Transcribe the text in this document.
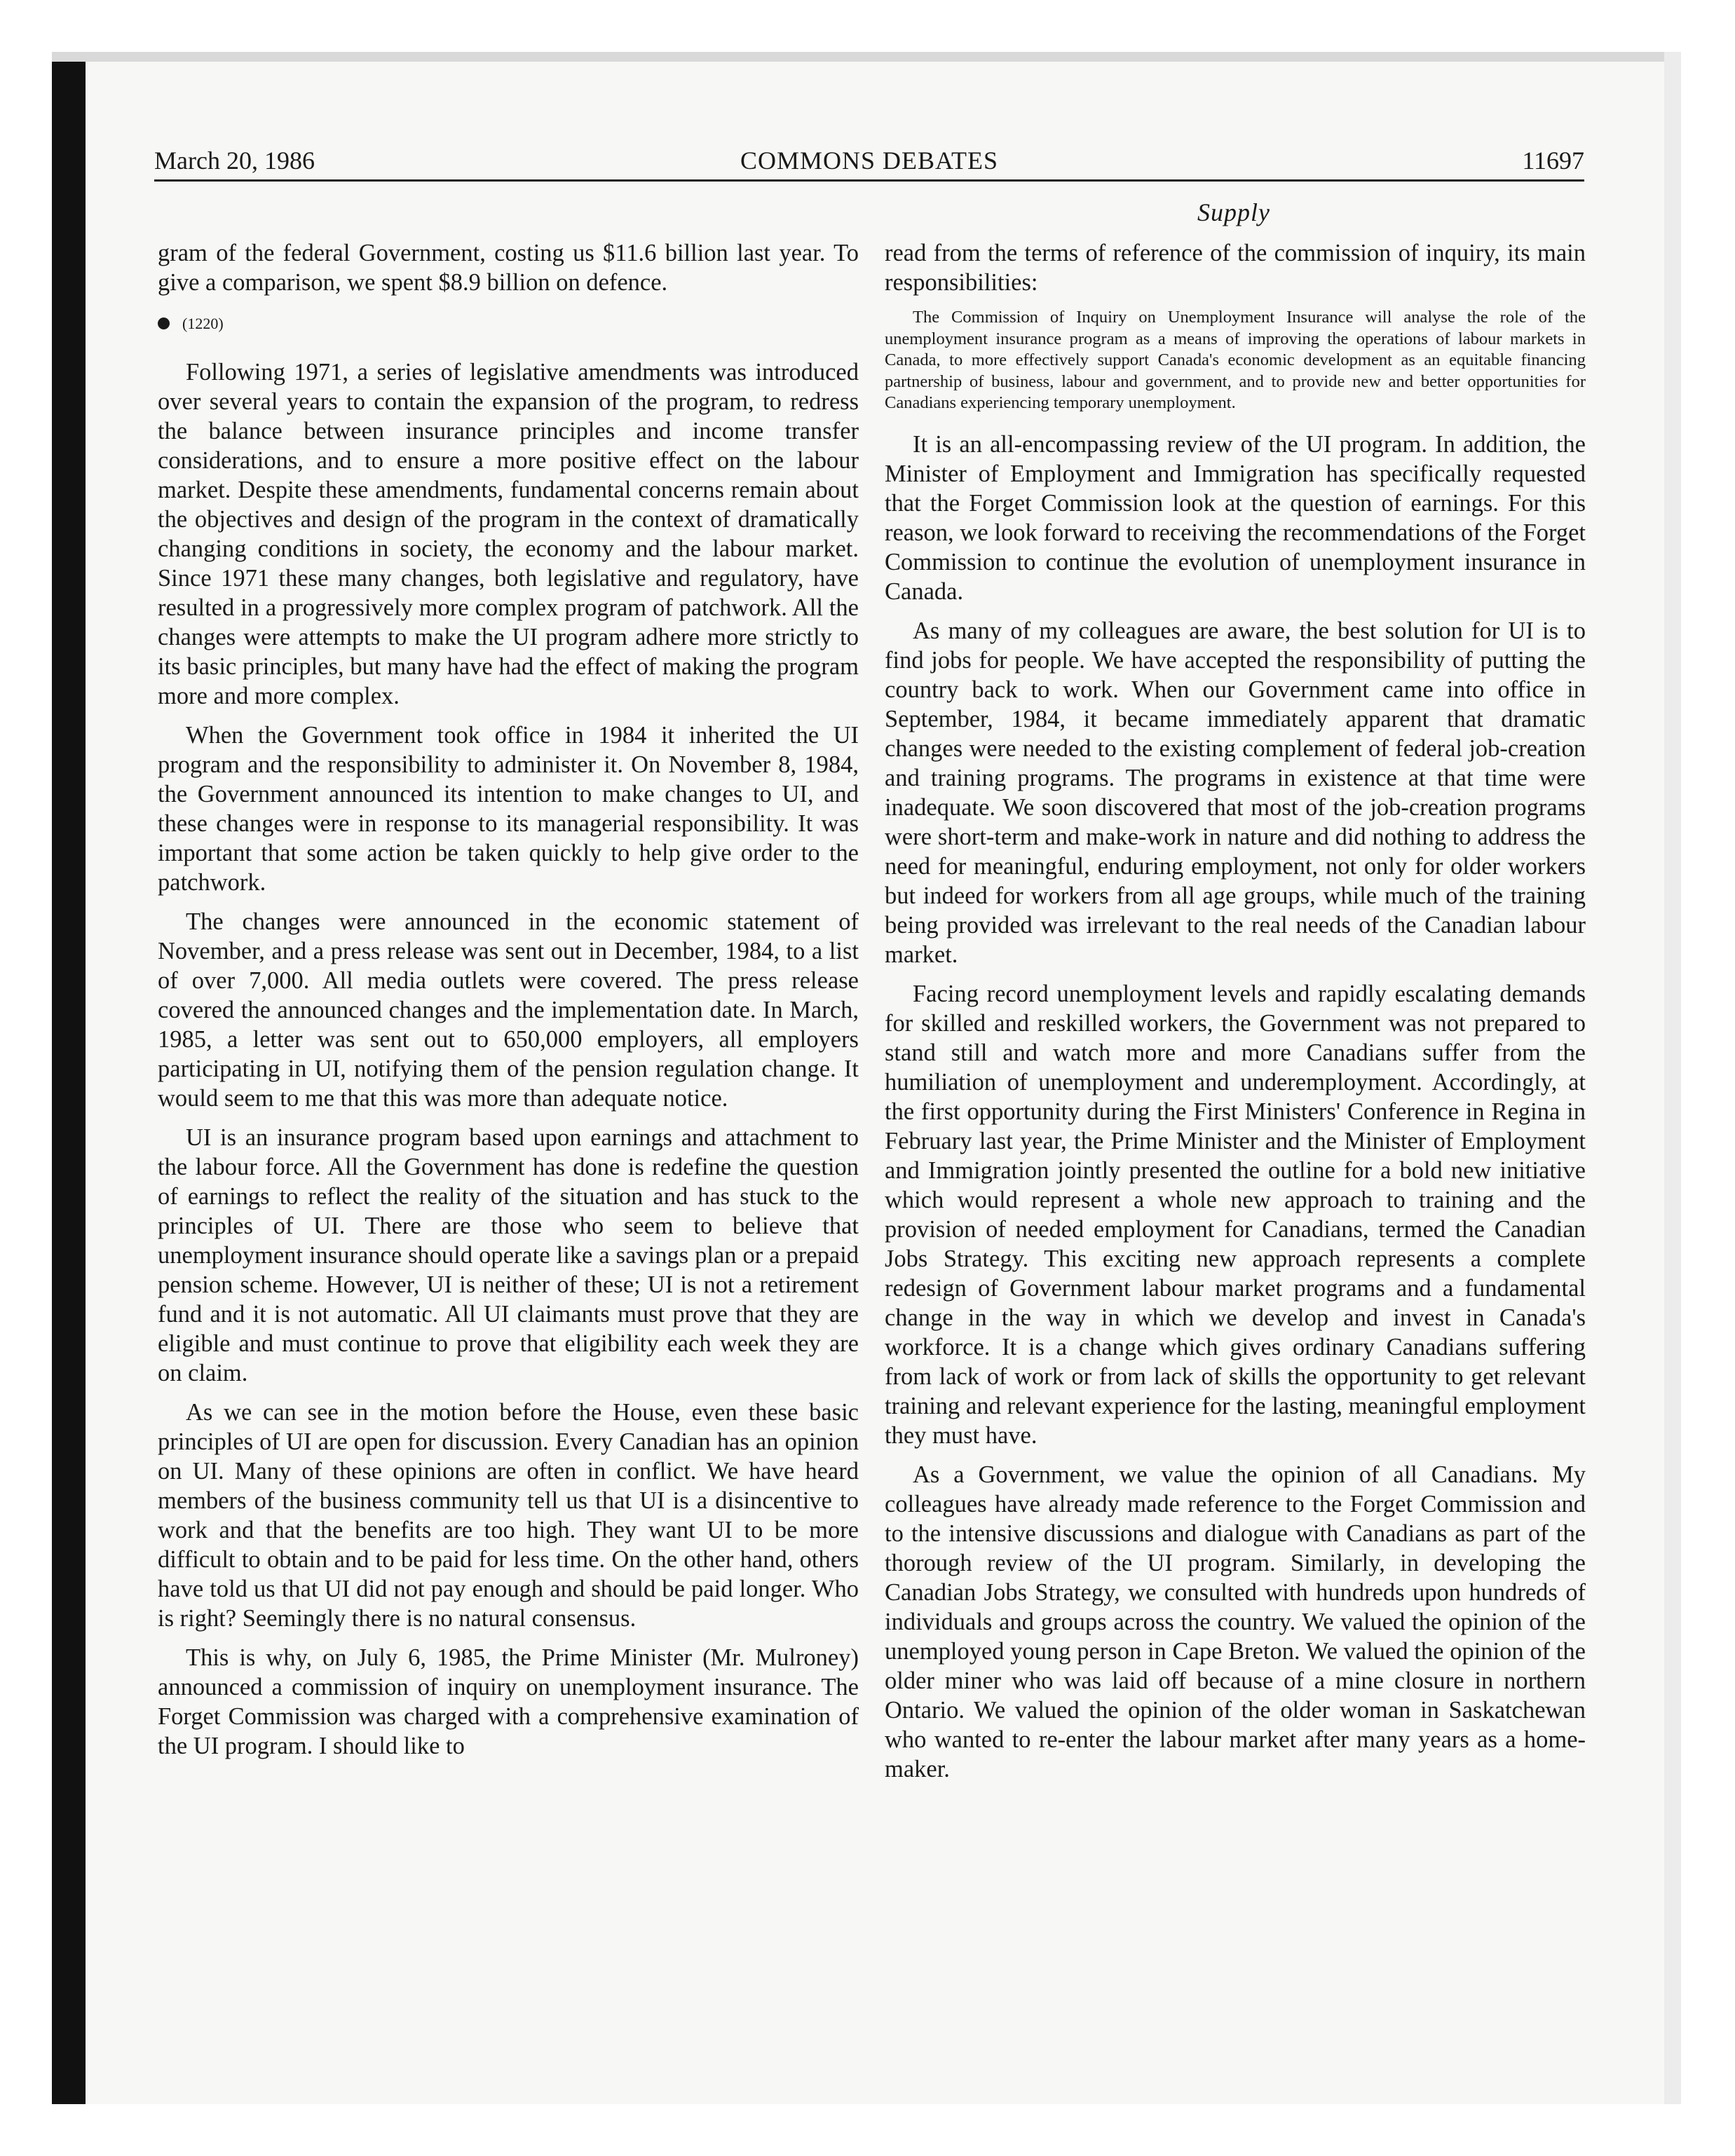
March 20, 1986	COMMONS DEBATES	11697
Supply

gram of the federal Government, costing us $11.6 billion last year. To give a comparison, we spent $8.9 billion on defence.

(1220)

Following 1971, a series of legislative amendments was introduced over several years to contain the expansion of the program, to redress the balance between insurance principles and income transfer considerations, and to ensure a more positive effect on the labour market. Despite these amendments, fundamental concerns remain about the objectives and design of the program in the context of dramatically changing conditions in society, the economy and the labour market. Since 1971 these many changes, both legislative and regulatory, have resulted in a progressively more complex program of patchwork. All the changes were attempts to make the UI program adhere more strictly to its basic principles, but many have had the effect of making the program more and more complex.

When the Government took office in 1984 it inherited the UI program and the responsibility to administer it. On November 8, 1984, the Government announced its intention to make changes to UI, and these changes were in response to its managerial responsibility. It was important that some action be taken quickly to help give order to the patchwork.

The changes were announced in the economic statement of November, and a press release was sent out in December, 1984, to a list of over 7,000. All media outlets were covered. The press release covered the announced changes and the implementation date. In March, 1985, a letter was sent out to 650,000 employers, all employers participating in UI, notifying them of the pension regulation change. It would seem to me that this was more than adequate notice.

UI is an insurance program based upon earnings and attachment to the labour force. All the Government has done is redefine the question of earnings to reflect the reality of the situation and has stuck to the principles of UI. There are those who seem to believe that unemployment insurance should operate like a savings plan or a prepaid pension scheme. However, UI is neither of these; UI is not a retirement fund and it is not automatic. All UI claimants must prove that they are eligible and must continue to prove that eligibility each week they are on claim.

As we can see in the motion before the House, even these basic principles of UI are open for discussion. Every Canadian has an opinion on UI. Many of these opinions are often in conflict. We have heard members of the business community tell us that UI is a disincentive to work and that the benefits are too high. They want UI to be more difficult to obtain and to be paid for less time. On the other hand, others have told us that UI did not pay enough and should be paid longer. Who is right? Seemingly there is no natural consensus.

This is why, on July 6, 1985, the Prime Minister (Mr. Mulroney) announced a commission of inquiry on unemployment insurance. The Forget Commission was charged with a comprehensive examination of the UI program. I should like to

read from the terms of reference of the commission of inquiry, its main responsibilities:

The Commission of Inquiry on Unemployment Insurance will analyse the role of the unemployment insurance program as a means of improving the operations of labour markets in Canada, to more effectively support Canada's economic development as an equitable financing partnership of business, labour and government, and to provide new and better opportunities for Canadians experiencing temporary unemployment.

It is an all-encompassing review of the UI program. In addition, the Minister of Employment and Immigration has specifically requested that the Forget Commission look at the question of earnings. For this reason, we look forward to receiving the recommendations of the Forget Commission to continue the evolution of unemployment insurance in Canada.

As many of my colleagues are aware, the best solution for UI is to find jobs for people. We have accepted the responsibility of putting the country back to work. When our Government came into office in September, 1984, it became immediately apparent that dramatic changes were needed to the existing complement of federal job-creation and training programs. The programs in existence at that time were inadequate. We soon discovered that most of the job-creation programs were short-term and make-work in nature and did nothing to address the need for meaningful, enduring employment, not only for older workers but indeed for workers from all age groups, while much of the training being provided was irrelevant to the real needs of the Canadian labour market.

Facing record unemployment levels and rapidly escalating demands for skilled and reskilled workers, the Government was not prepared to stand still and watch more and more Canadians suffer from the humiliation of unemployment and underemployment. Accordingly, at the first opportunity during the First Ministers' Conference in Regina in February last year, the Prime Minister and the Minister of Employment and Immigration jointly presented the outline for a bold new initiative which would represent a whole new approach to training and the provision of needed employment for Canadians, termed the Canadian Jobs Strategy. This exciting new approach represents a complete redesign of Government labour market programs and a fundamental change in the way in which we develop and invest in Canada's workforce. It is a change which gives ordinary Canadians suffering from lack of work or from lack of skills the opportunity to get relevant training and relevant experience for the lasting, meaningful employment they must have.

As a Government, we value the opinion of all Canadians. My colleagues have already made reference to the Forget Commission and to the intensive discussions and dialogue with Canadians as part of the thorough review of the UI program. Similarly, in developing the Canadian Jobs Strategy, we consulted with hundreds upon hundreds of individuals and groups across the country. We valued the opinion of the unemployed young person in Cape Breton. We valued the opinion of the older miner who was laid off because of a mine closure in northern Ontario. We valued the opinion of the older woman in Saskatchewan who wanted to re-enter the labour market after many years as a home-maker.
